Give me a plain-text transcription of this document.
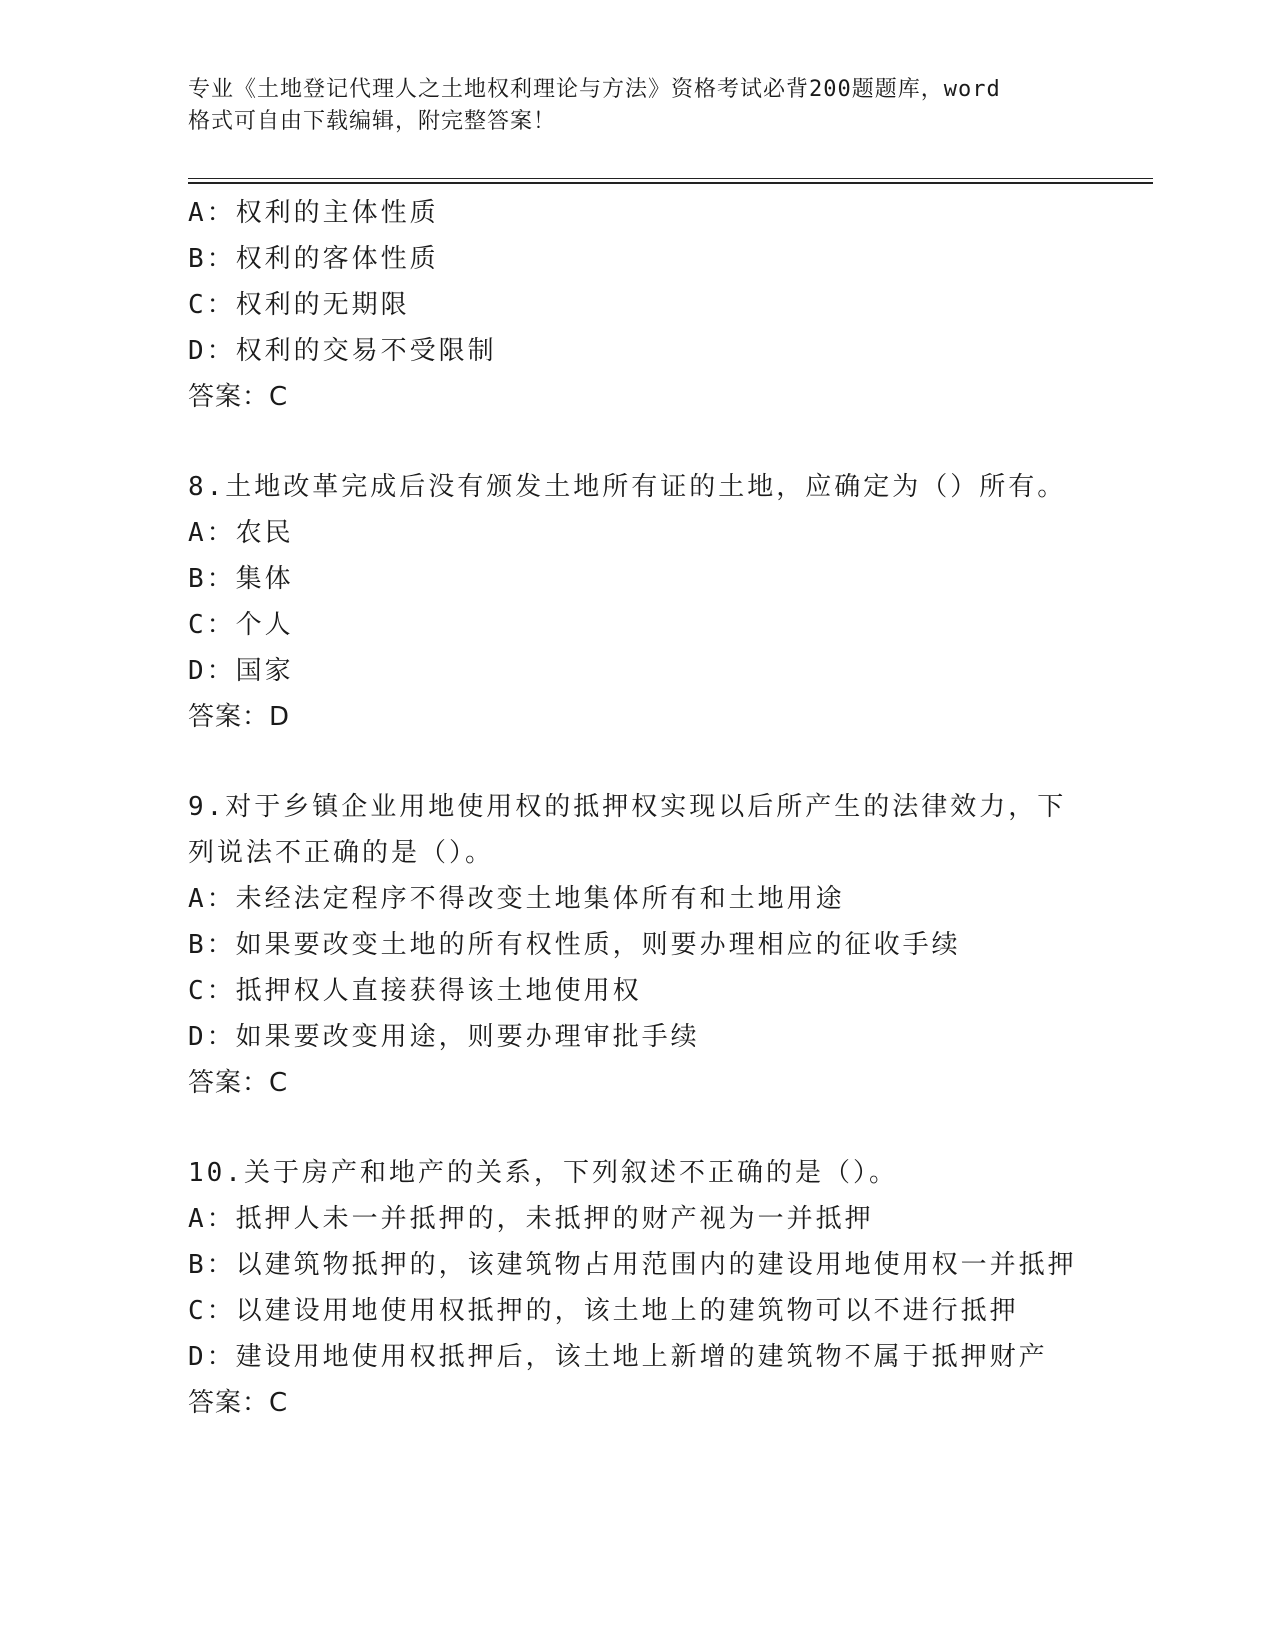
专业《土地登记代理人之土地权利理论与方法》资格考试必背200题题库，word
格式可自由下载编辑，附完整答案！
A：权利的主体性质
B：权利的客体性质
C：权利的无期限
D：权利的交易不受限制
答案：C
8.土地改革完成后没有颁发土地所有证的土地，应确定为（）所有。
A：农民
B：集体
C：个人
D：国家
答案：D
9.对于乡镇企业用地使用权的抵押权实现以后所产生的法律效力，下
列说法不正确的是（）。
A：未经法定程序不得改变土地集体所有和土地用途
B：如果要改变土地的所有权性质，则要办理相应的征收手续
C：抵押权人直接获得该土地使用权
D：如果要改变用途，则要办理审批手续
答案：C
10.关于房产和地产的关系，下列叙述不正确的是（）。
A：抵押人未一并抵押的，未抵押的财产视为一并抵押
B：以建筑物抵押的，该建筑物占用范围内的建设用地使用权一并抵押
C：以建设用地使用权抵押的，该土地上的建筑物可以不进行抵押
D：建设用地使用权抵押后，该土地上新增的建筑物不属于抵押财产
答案：C
